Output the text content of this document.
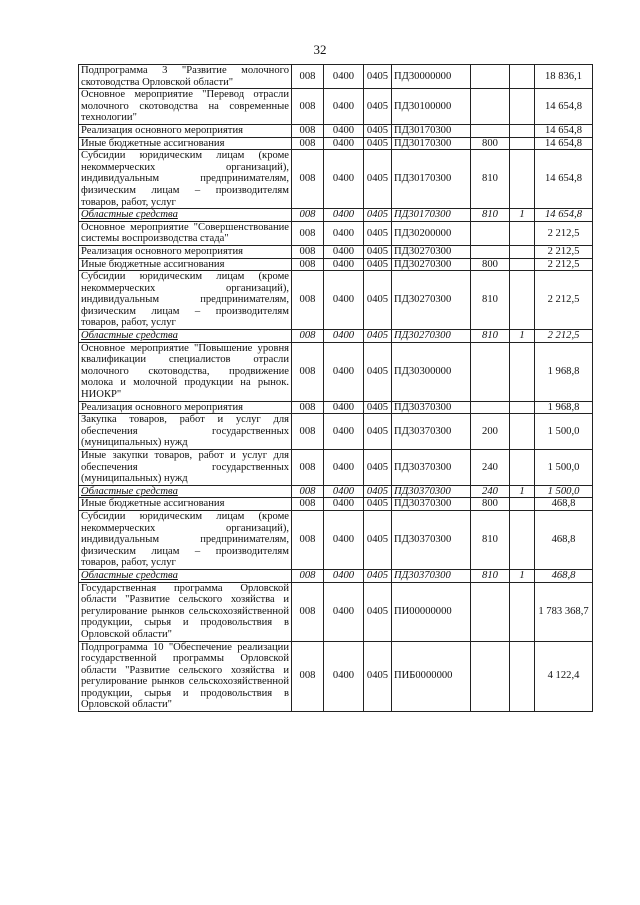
32
Подпрограмма 3 "Развитие молочного скотоводства Орловской области"	008	0400	0405	ПД30000000			18 836,1
Основное мероприятие "Перевод отрасли молочного скотоводства на современные технологии"	008	0400	0405	ПД30100000			14 654,8
Реализация основного мероприятия	008	0400	0405	ПД30170300			14 654,8
Иные бюджетные ассигнования	008	0400	0405	ПД30170300	800		14 654,8
Субсидии юридическим лицам (кроме некоммерческих организаций), индивидуальным предпринимателям, физическим лицам – производителям товаров, работ, услуг	008	0400	0405	ПД30170300	810		14 654,8
Областные средства	008	0400	0405	ПД30170300	810	1	14 654,8
Основное мероприятие "Совершенствование системы воспроизводства стада"	008	0400	0405	ПД30200000			2 212,5
Реализация основного мероприятия	008	0400	0405	ПД30270300			2 212,5
Иные бюджетные ассигнования	008	0400	0405	ПД30270300	800		2 212,5
Субсидии юридическим лицам (кроме некоммерческих организаций), индивидуальным предпринимателям, физическим лицам – производителям товаров, работ, услуг	008	0400	0405	ПД30270300	810		2 212,5
Областные средства	008	0400	0405	ПД30270300	810	1	2 212,5
Основное мероприятие "Повышение уровня квалификации специалистов отрасли молочного скотоводства, продвижение молока и молочной продукции на рынок. НИОКР"	008	0400	0405	ПД30300000			1 968,8
Реализация основного мероприятия	008	0400	0405	ПД30370300			1 968,8
Закупка товаров, работ и услуг для обеспечения государственных (муниципальных) нужд	008	0400	0405	ПД30370300	200		1 500,0
Иные закупки товаров, работ и услуг для обеспечения государственных (муниципальных) нужд	008	0400	0405	ПД30370300	240		1 500,0
Областные средства	008	0400	0405	ПД30370300	240	1	1 500,0
Иные бюджетные ассигнования	008	0400	0405	ПД30370300	800		468,8
Субсидии юридическим лицам (кроме некоммерческих организаций), индивидуальным предпринимателям, физическим лицам – производителям товаров, работ, услуг	008	0400	0405	ПД30370300	810		468,8
Областные средства	008	0400	0405	ПД30370300	810	1	468,8
Государственная программа Орловской области "Развитие сельского хозяйства и регулирование рынков сельскохозяйственной продукции, сырья и продовольствия в Орловской области"	008	0400	0405	ПИ00000000			1 783 368,7
Подпрограмма 10 "Обеспечение реализации государственной программы Орловской области "Развитие сельского хозяйства и регулирование рынков сельскохозяйственной продукции, сырья и продовольствия в Орловской области"	008	0400	0405	ПИБ0000000			4 122,4
